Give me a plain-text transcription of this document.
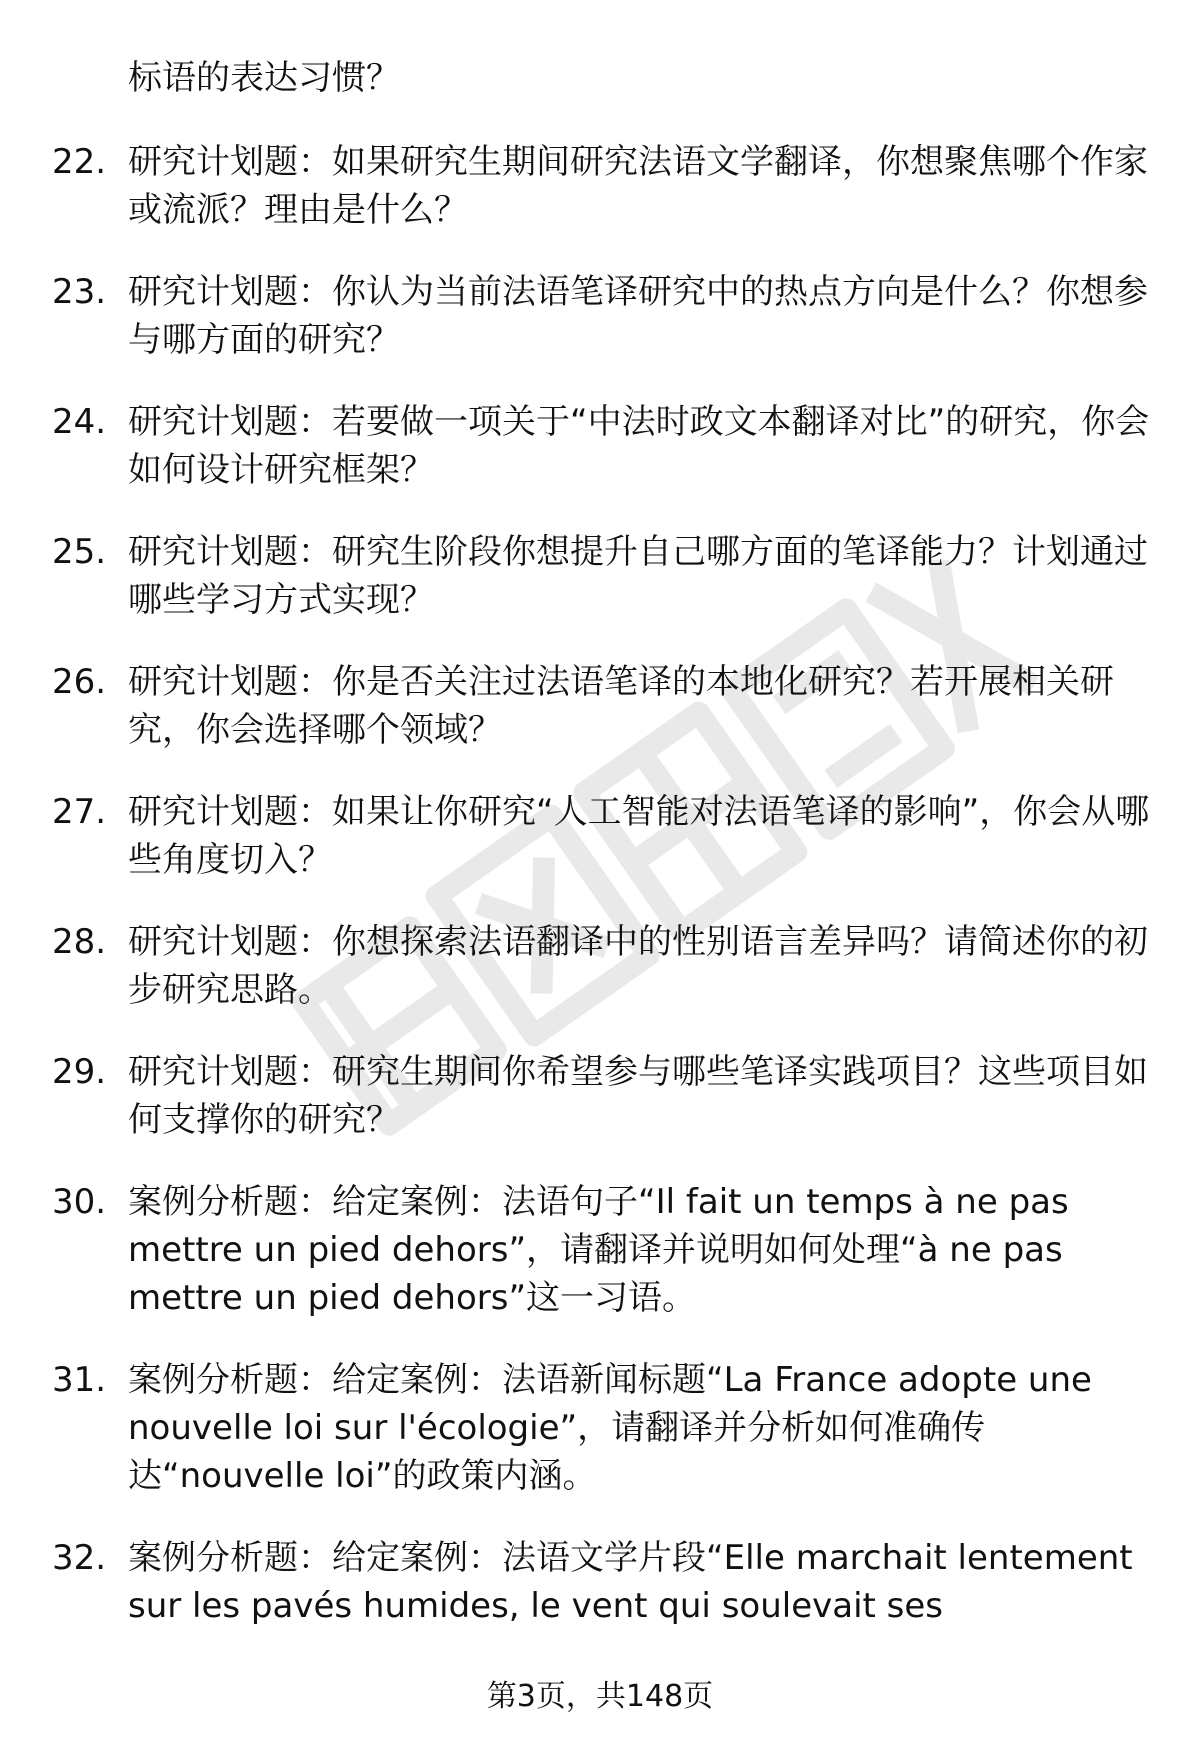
标语的表达习惯？
22. 研究计划题：如果研究生期间研究法语文学翻译，你想聚焦哪个作家或流派？理由是什么？
23. 研究计划题：你认为当前法语笔译研究中的热点方向是什么？你想参与哪方面的研究？
24. 研究计划题：若要做一项关于“中法时政文本翻译对比”的研究，你会如何设计研究框架？
25. 研究计划题：研究生阶段你想提升自己哪方面的笔译能力？计划通过哪些学习方式实现？
26. 研究计划题：你是否关注过法语笔译的本地化研究？若开展相关研究，你会选择哪个领域？
27. 研究计划题：如果让你研究“人工智能对法语笔译的影响”，你会从哪些角度切入？
28. 研究计划题：你想探索法语翻译中的性别语言差异吗？请简述你的初步研究思路。
29. 研究计划题：研究生期间你希望参与哪些笔译实践项目？这些项目如何支撑你的研究？
30. 案例分析题：给定案例：法语句子“Il fait un temps à ne pas mettre un pied dehors”，请翻译并说明如何处理“à ne pas mettre un pied dehors”这一习语。
31. 案例分析题：给定案例：法语新闻标题“La France adopte une nouvelle loi sur l'écologie”，请翻译并分析如何准确传达“nouvelle loi”的政策内涵。
32. 案例分析题：给定案例：法语文学片段“Elle marchait lentement sur les pavés humides, le vent qui soulevait ses
第3页，共148页
